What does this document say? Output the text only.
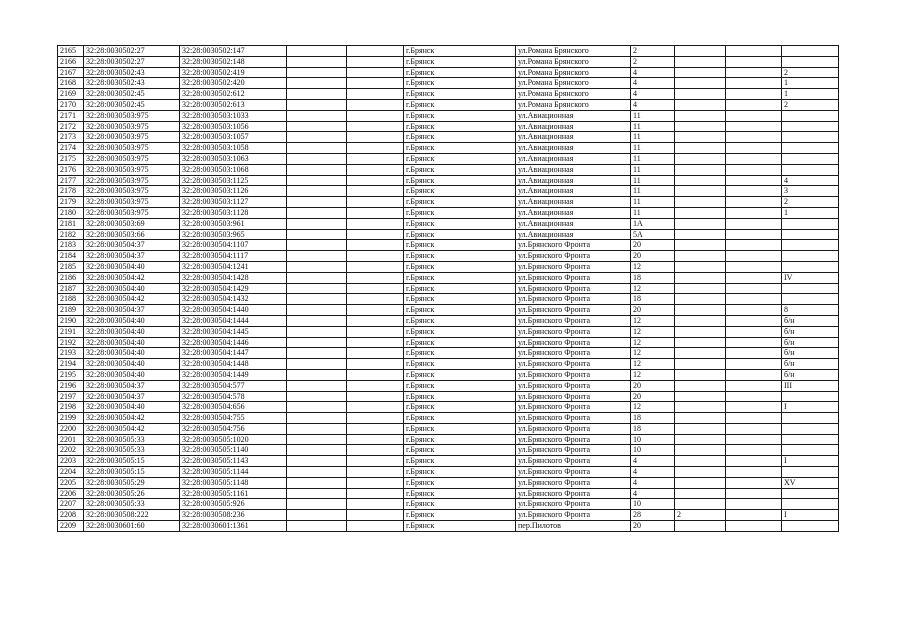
2165	32:28:0030502:27	32:28:0030502:147			г.Брянск	ул.Романа Брянского	2			
2166	32:28:0030502:27	32:28:0030502:148			г.Брянск	ул.Романа Брянского	2			
2167	32:28:0030502:43	32:28:0030502:419			г.Брянск	ул.Романа Брянского	4			2
2168	32:28:0030502:43	32:28:0030502:420			г.Брянск	ул.Романа Брянского	4			1
2169	32:28:0030502:45	32:28:0030502:612			г.Брянск	ул.Романа Брянского	4			1
2170	32:28:0030502:45	32:28:0030502:613			г.Брянск	ул.Романа Брянского	4			2
2171	32:28:0030503:975	32:28:0030503:1033			г.Брянск	ул.Авиационная	11			
2172	32:28:0030503:975	32:28:0030503:1056			г.Брянск	ул.Авиационная	11			
2173	32:28:0030503:975	32:28:0030503:1057			г.Брянск	ул.Авиационная	11			
2174	32:28:0030503:975	32:28:0030503:1058			г.Брянск	ул.Авиационная	11			
2175	32:28:0030503:975	32:28:0030503:1063			г.Брянск	ул.Авиационная	11			
2176	32:28:0030503:975	32:28:0030503:1068			г.Брянск	ул.Авиационная	11			
2177	32:28:0030503:975	32:28:0030503:1125			г.Брянск	ул.Авиационная	11			4
2178	32:28:0030503:975	32:28:0030503:1126			г.Брянск	ул.Авиационная	11			3
2179	32:28:0030503:975	32:28:0030503:1127			г.Брянск	ул.Авиационная	11			2
2180	32:28:0030503:975	32:28:0030503:1128			г.Брянск	ул.Авиационная	11			1
2181	32:28:0030503:69	32:28:0030503:961			г.Брянск	ул.Авиационная	1А			
2182	32:28:0030503:66	32:28:0030503:965			г.Брянск	ул.Авиационная	5А			
2183	32:28:0030504:37	32:28:0030504:1107			г.Брянск	ул.Брянского Фронта	20			
2184	32:28:0030504:37	32:28:0030504:1117			г.Брянск	ул.Брянского Фронта	20			
2185	32:28:0030504:40	32:28:0030504:1241			г.Брянск	ул.Брянского Фронта	12			
2186	32:28:0030504:42	32:28:0030504:1428			г.Брянск	ул.Брянского Фронта	18			IV
2187	32:28:0030504:40	32:28:0030504:1429			г.Брянск	ул.Брянского Фронта	12			
2188	32:28:0030504:42	32:28:0030504:1432			г.Брянск	ул.Брянского Фронта	18			
2189	32:28:0030504:37	32:28:0030504:1440			г.Брянск	ул.Брянского Фронта	20			8
2190	32:28:0030504:40	32:28:0030504:1444			г.Брянск	ул.Брянского Фронта	12			б/н
2191	32:28:0030504:40	32:28:0030504:1445			г.Брянск	ул.Брянского Фронта	12			б/н
2192	32:28:0030504:40	32:28:0030504:1446			г.Брянск	ул.Брянского Фронта	12			б/н
2193	32:28:0030504:40	32:28:0030504:1447			г.Брянск	ул.Брянского Фронта	12			б/н
2194	32:28:0030504:40	32:28:0030504:1448			г.Брянск	ул.Брянского Фронта	12			б/н
2195	32:28:0030504:40	32:28:0030504:1449			г.Брянск	ул.Брянского Фронта	12			б/н
2196	32:28:0030504:37	32:28:0030504:577			г.Брянск	ул.Брянского Фронта	20			III
2197	32:28:0030504:37	32:28:0030504:578			г.Брянск	ул.Брянского Фронта	20			
2198	32:28:0030504:40	32:28:0030504:656			г.Брянск	ул.Брянского Фронта	12			I
2199	32:28:0030504:42	32:28:0030504:755			г.Брянск	ул.Брянского Фронта	18			
2200	32:28:0030504:42	32:28:0030504:756			г.Брянск	ул.Брянского Фронта	18			
2201	32:28:0030505:33	32:28:0030505:1020			г.Брянск	ул.Брянского Фронта	10			
2202	32:28:0030505:33	32:28:0030505:1140			г.Брянск	ул.Брянского Фронта	10			
2203	32:28:0030505:15	32:28:0030505:1143			г.Брянск	ул.Брянского Фронта	4			I
2204	32:28:0030505:15	32:28:0030505:1144			г.Брянск	ул.Брянского Фронта	4			
2205	32:28:0030505:29	32:28:0030505:1148			г.Брянск	ул.Брянского Фронта	4			XV
2206	32:28:0030505:26	32:28:0030505:1161			г.Брянск	ул.Брянского Фронта	4			
2207	32:28:0030505:33	32:28:0030505:926			г.Брянск	ул.Брянского Фронта	10			
2208	32:28:0030508:222	32:28:0030508:236			г.Брянск	ул.Брянского Фронта	28	2		I
2209	32:28:0030601:60	32:28:0030601:1361			г.Брянск	пер.Пилотов	20			
